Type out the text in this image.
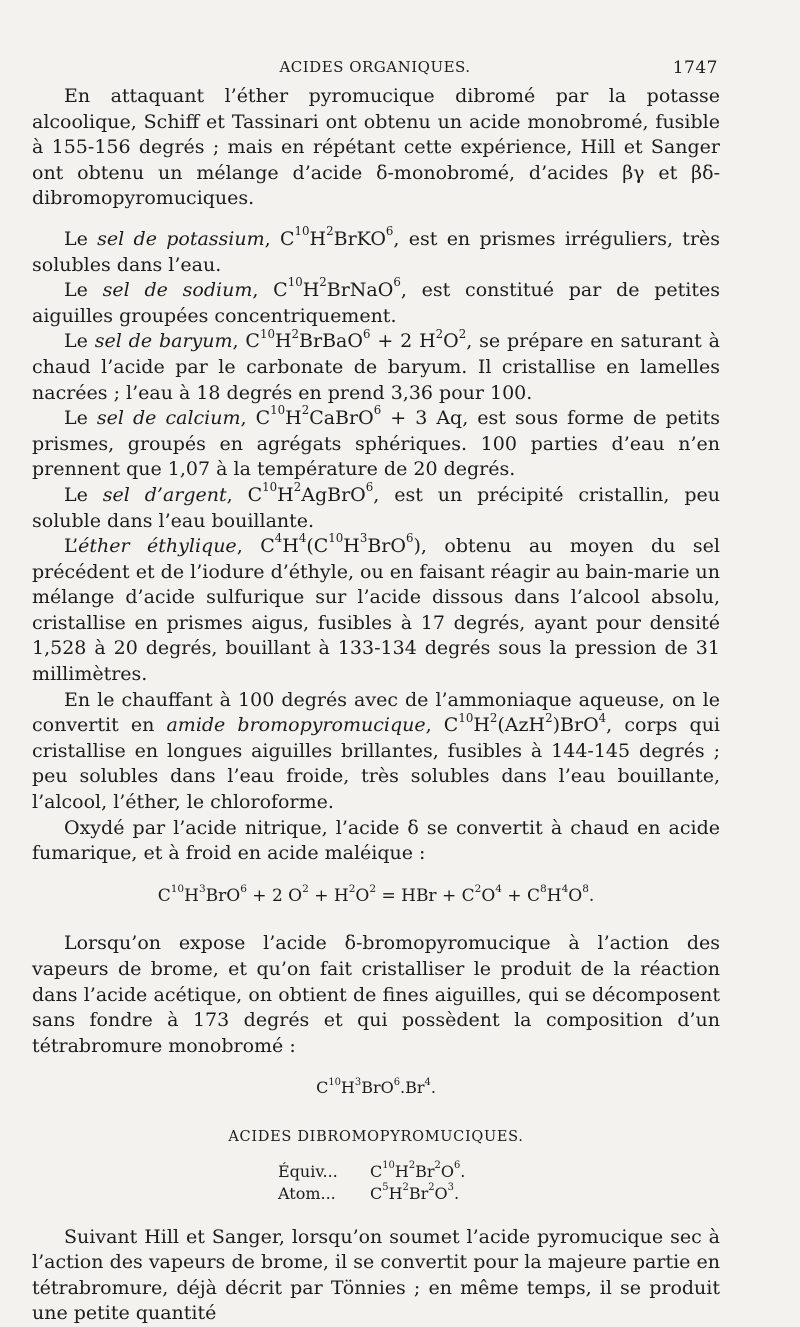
ACIDES ORGANIQUES.	1747

En attaquant l’éther pyromucique dibromé par la potasse alcoolique, Schiff et Tassinari ont obtenu un acide monobromé, fusible à 155-156 degrés ; mais en répétant cette expérience, Hill et Sanger ont obtenu un mélange d’acide δ-monobromé, d’acides βγ et βδ-dibromopyromuciques.

Le sel de potassium, $C^{10}H^2BrKO^6$, est en prismes irréguliers, très solubles dans l’eau.

Le sel de sodium, $C^{10}H^2BrNaO^6$, est constitué par de petites aiguilles groupées concentriquement.

Le sel de baryum, $C^{10}H^2BrBaO^6 + 2$ $H^2O^2$, se prépare en saturant à chaud l’acide par le carbonate de baryum. Il cristallise en lamelles nacrées ; l’eau à 18 degrés en prend 3,36 pour 100.

Le sel de calcium, $C^{10}H^2CaBrO^6 + 3$ Aq, est sous forme de petits prismes, groupés en agrégats sphériques. 100 parties d’eau n’en prennent que 1,07 à la température de 20 degrés.

Le sel d’argent, $C^{10}H^2AgBrO^6$, est un précipité cristallin, peu soluble dans l’eau bouillante.

L’éther éthylique, $C^4H^4(C^{10}H^3BrO^6)$, obtenu au moyen du sel précédent et de l’iodure d’éthyle, ou en faisant réagir au bain-marie un mélange d’acide sulfurique sur l’acide dissous dans l’alcool absolu, cristallise en prismes aigus, fusibles à 17 degrés, ayant pour densité 1,528 à 20 degrés, bouillant à 133-134 degrés sous la pression de 31 millimètres.

En le chauffant à 100 degrés avec de l’ammoniaque aqueuse, on le convertit en amide bromopyromucique, $C^{10}H^2(AzH^2)BrO^4$, corps qui cristallise en longues aiguilles brillantes, fusibles à 144-145 degrés ; peu solubles dans l’eau froide, très solubles dans l’eau bouillante, l’alcool, l’éther, le chloroforme.

Oxydé par l’acide nitrique, l’acide δ se convertit à chaud en acide fumarique, et à froid en acide maléique :

$C^{10}H^3BrO^6 + 2$ $O^2 + H^2O^2$ = HBr + $C^2O^4 + C^8H^4O^8$.

Lorsqu’on expose l’acide δ-bromopyromucique à l’action des vapeurs de brome, et qu’on fait cristalliser le produit de la réaction dans l’acide acétique, on obtient de fines aiguilles, qui se décomposent sans fondre à 173 degrés et qui possèdent la composition d’un tétrabromure monobromé :

$C^{10}H^3BrO^6.Br^4$.
ACIDES DIBROMOPYROMUCIQUES.
Équiv... $C^{10}H^2Br^2O^6$.
Atom... $C^5H^2Br^2O^3$.

Suivant Hill et Sanger, lorsqu’on soumet l’acide pyromucique sec à l’action des vapeurs de brome, il se convertit pour la majeure partie en tétrabromure, déjà décrit par Tönnies ; en même temps, il se produit une petite quantité
